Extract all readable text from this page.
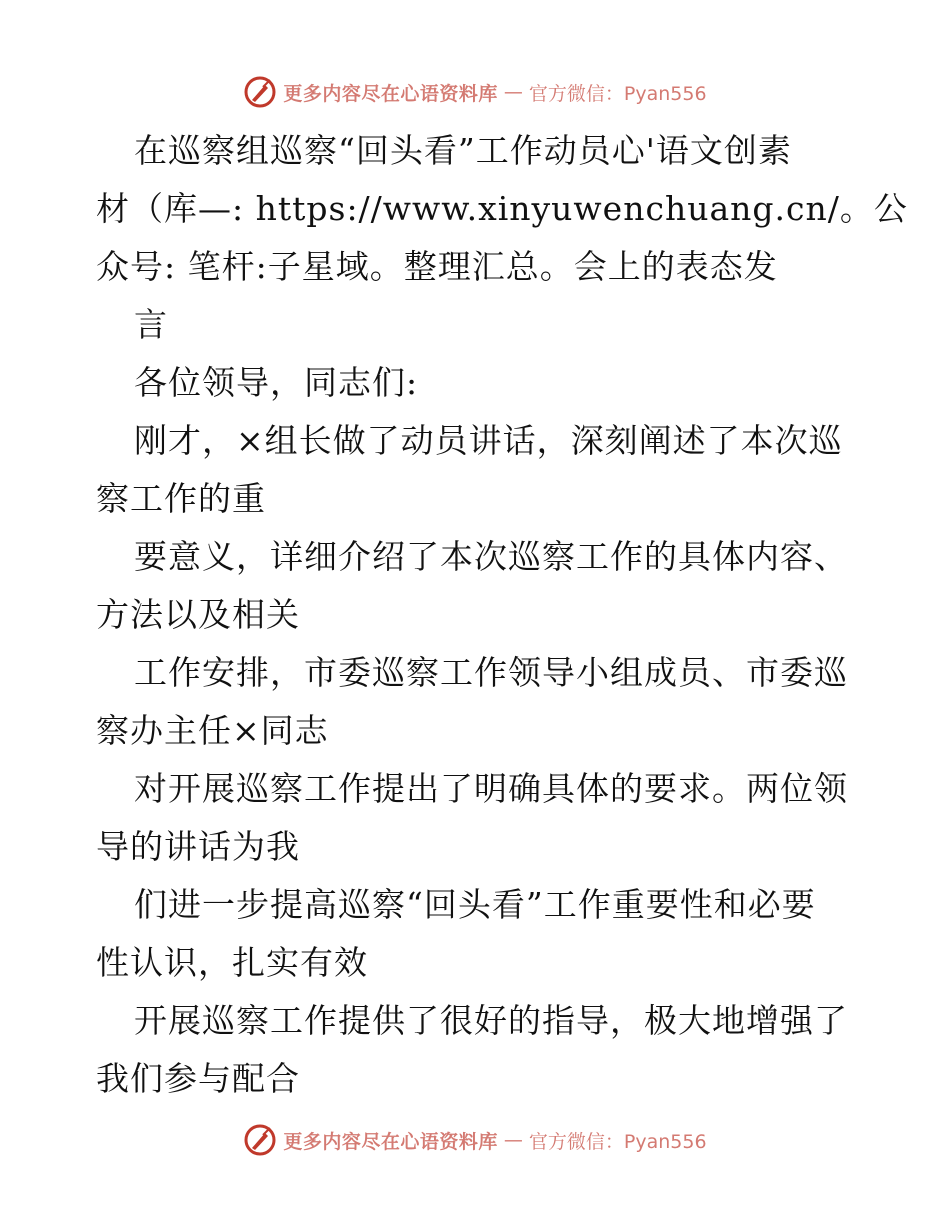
更多内容尽在心语资料库 — 官方微信：Pyan556
在巡察组巡察“回头看”工作动员心'语文创素
材（库—: https://www.xinyuwenchuang.cn/。公
众号: 笔杆:子星域。整理汇总。会上的表态发
言
各位领导，同志们:
刚才，×组长做了动员讲话，深刻阐述了本次巡
察工作的重
要意义，详细介绍了本次巡察工作的具体内容、
方法以及相关
工作安排，市委巡察工作领导小组成员、市委巡
察办主任×同志
对开展巡察工作提出了明确具体的要求。两位领
导的讲话为我
们进一步提高巡察“回头看”工作重要性和必要
性认识，扎实有效
开展巡察工作提供了很好的指导，极大地增强了
我们参与配合
更多内容尽在心语资料库 — 官方微信：Pyan556
